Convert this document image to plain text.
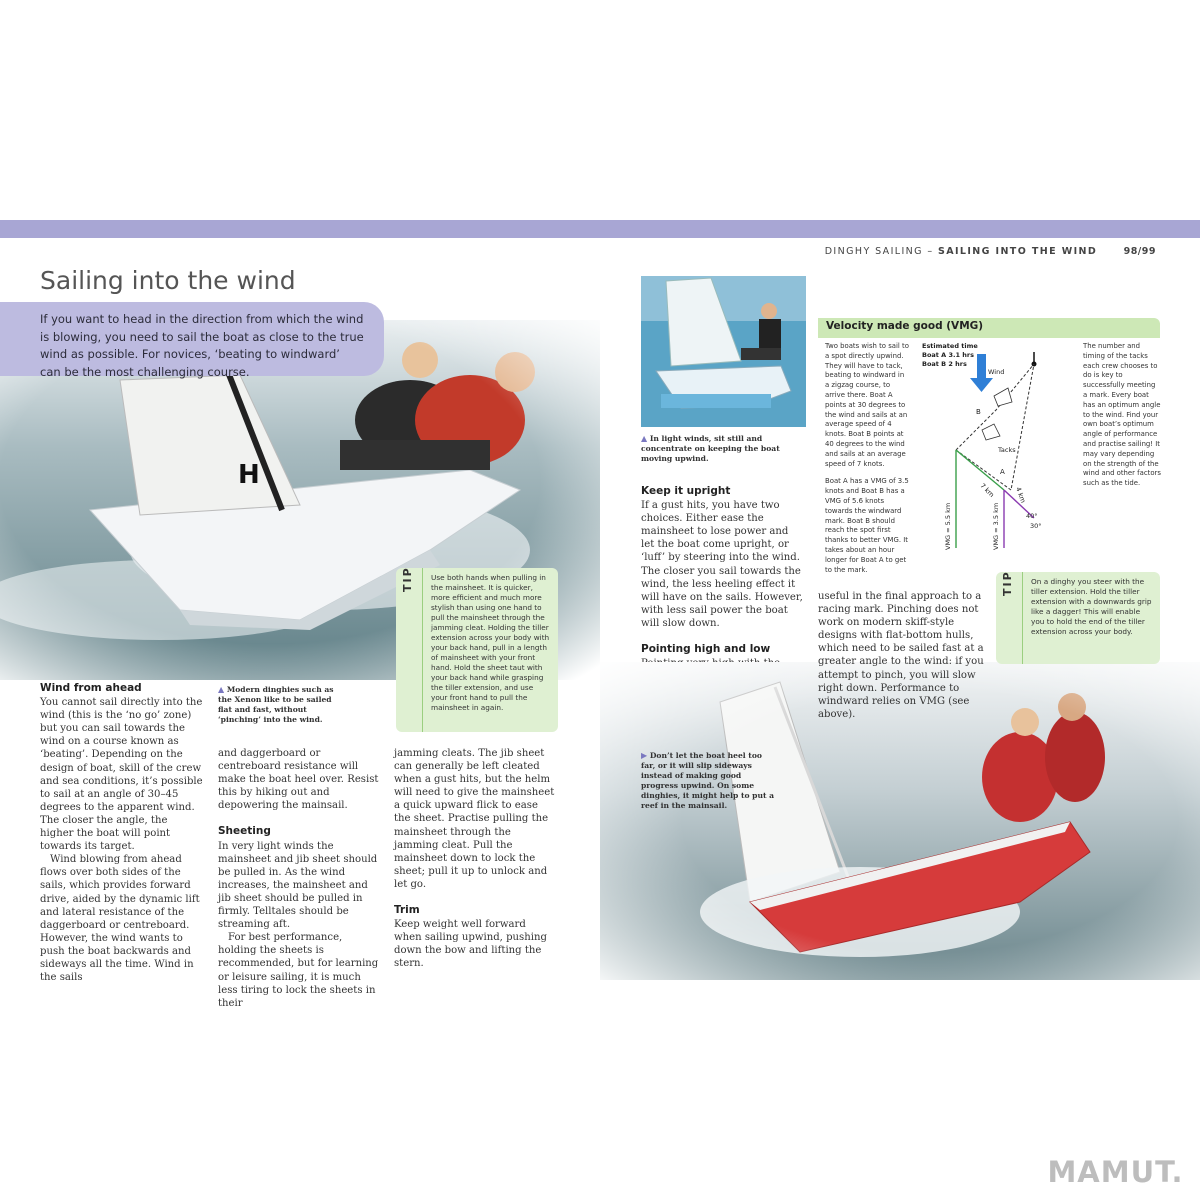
DINGHY SAILING – SAILING INTO THE WIND	98/99
Sailing into the wind

If you want to head in the direction from which the wind is blowing, you need to sail the boat as close to the true wind as possible. For novices, ‘beating to windward’ can be the most challenging course.

H
TIP Use both hands when pulling in the mainsheet. It is quicker, more efficient and much more stylish than using one hand to pull the mainsheet through the jamming cleat. Holding the tiller extension across your body with your back hand, pull in a length of mainsheet with your front hand. Hold the sheet taut with your back hand while grasping the tiller extension, and use your front hand to pull the mainsheet in again.
Wind from ahead

You cannot sail directly into the wind (this is the ‘no go’ zone) but you can sail towards the wind on a course known as ‘beating’. Depending on the design of boat, skill of the crew and sea conditions, it’s possible to sail at an angle of 30–45 degrees to the apparent wind. The closer the angle, the higher the boat will point towards its target.

Wind blowing from ahead flows over both sides of the sails, which provides forward drive, aided by the dynamic lift and lateral resistance of the daggerboard or centreboard. However, the wind wants to push the boat backwards and sideways all the time. Wind in the sails

▲ Modern dinghies such as the Xenon like to be sailed flat and fast, without ‘pinching’ into the wind.

and daggerboard or centreboard resistance will make the boat heel over. Resist this by hiking out and depowering the mainsail.

Sheeting

In very light winds the mainsheet and jib sheet should be pulled in. As the wind increases, the mainsheet and jib sheet should be pulled in firmly. Telltales should be streaming aft.

For best performance, holding the sheets is recommended, but for learning or leisure sailing, it is much less tiring to lock the sheets in their

jamming cleats. The jib sheet can generally be left cleated when a gust hits, but the helm will need to give the mainsheet a quick upward flick to ease the sheet. Practise pulling the mainsheet through the jamming cleat. Pull the mainsheet down to lock the sheet; pull it up to unlock and let go.

Trim

Keep weight well forward when sailing upwind, pushing down the bow and lifting the stern.

▲ In light winds, sit still and concentrate on keeping the boat moving upwind.
Keep it upright

If a gust hits, you have two choices. Either ease the mainsheet to lose power and let the boat come upright, or ‘luff’ by steering into the wind. The closer you sail towards the wind, the less heeling effect it will have on the sails. However, with less sail power the boat will slow down.

Pointing high and low

Velocity made good (VMG)
Two boats wish to sail to a spot directly upwind. They will have to tack, beating to windward in a zigzag course, to arrive there. Boat A points at 30 degrees to the wind and sails at an average speed of 4 knots. Boat B points at 40 degrees to the wind and sails at an average speed of 7 knots.
Boat A has a VMG of 3.5 knots and Boat B has a VMG of 5.6 knots towards the windward mark. Boat B should reach the spot first thanks to better VMG. It takes about an hour longer for Boat A to get to the mark.
The number and timing of the tacks each crew chooses to do is key to successfully meeting a mark. Every boat has an optimum angle to the wind. Find your own boat’s optimum angle of performance and practise sailing! It may vary depending on the strength of the wind and other factors such as the tide.
Estimated time
Boat A 3.1 hrs
Boat B 2 hrs
Wind
B
A
Tacks
7 km	4 km
40°
30°
VMG = 5.5 km	VMG = 3.5 km

useful in the final approach to a racing mark. Pinching does not work on modern skiff-style designs with flat-bottom hulls, which need to be sailed fast at a greater angle to the wind: if you attempt to pinch, you will slow right down. Performance to windward relies on VMG (see above).

TIP On a dinghy you steer with the tiller extension. Hold the tiller extension with a downwards grip like a dagger! This will enable you to hold the end of the tiller extension across your body.
▶ Don’t let the boat heel too far, or it will slip sideways instead of making good progress upwind. On some dinghies, it might help to put a reef in the mainsail.
MAMUT.
